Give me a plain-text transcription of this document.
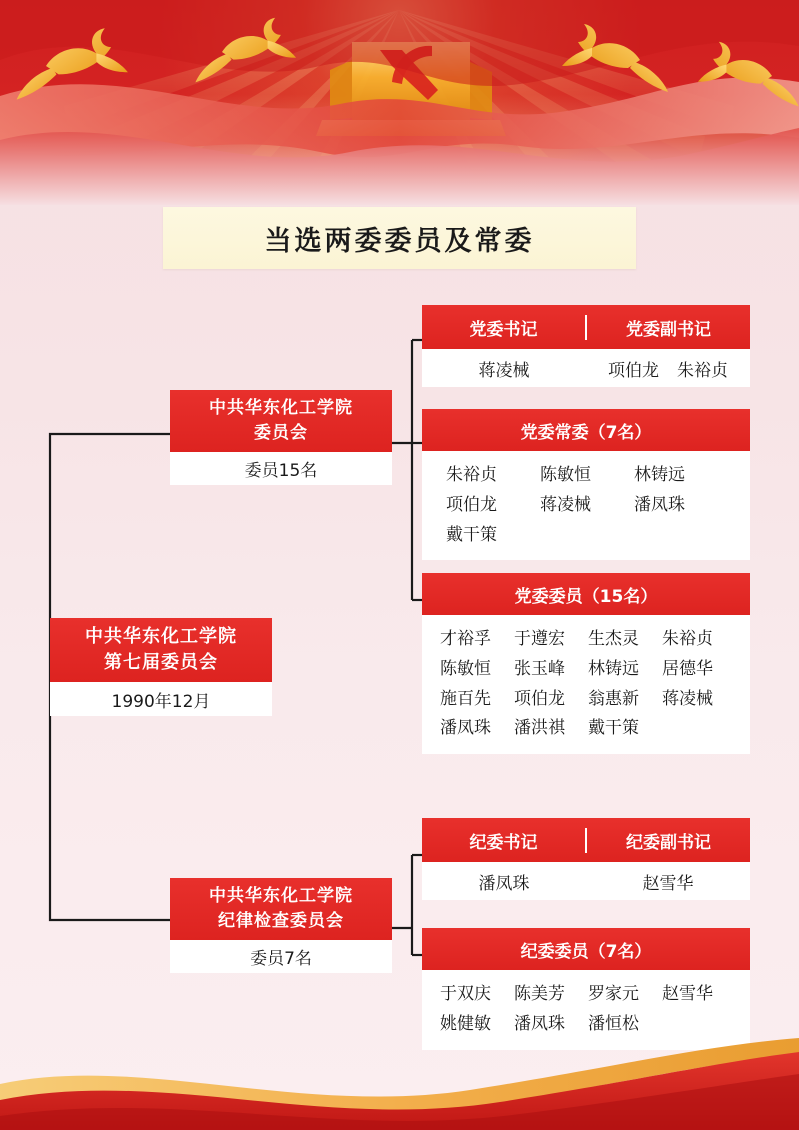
当选两委委员及常委
中共华东化工学院
第七届委员会
1990年12月
中共华东化工学院
委员会
委员15名
中共华东化工学院
纪律检查委员会
委员7名
党委书记	党委副书记
蒋凌械	项伯龙 朱裕贞
党委常委（7名）
朱裕贞	陈敏恒	林铸远
项伯龙	蒋凌械	潘凤珠
戴干策
党委委员（15名）
才裕孚	于遵宏	生杰灵	朱裕贞
陈敏恒	张玉峰	林铸远	居德华
施百先	项伯龙	翁惠新	蒋凌械
潘凤珠	潘洪祺	戴干策
纪委书记	纪委副书记
潘凤珠	赵雪华
纪委委员（7名）
于双庆	陈美芳	罗家元	赵雪华
姚健敏	潘凤珠	潘恒松
